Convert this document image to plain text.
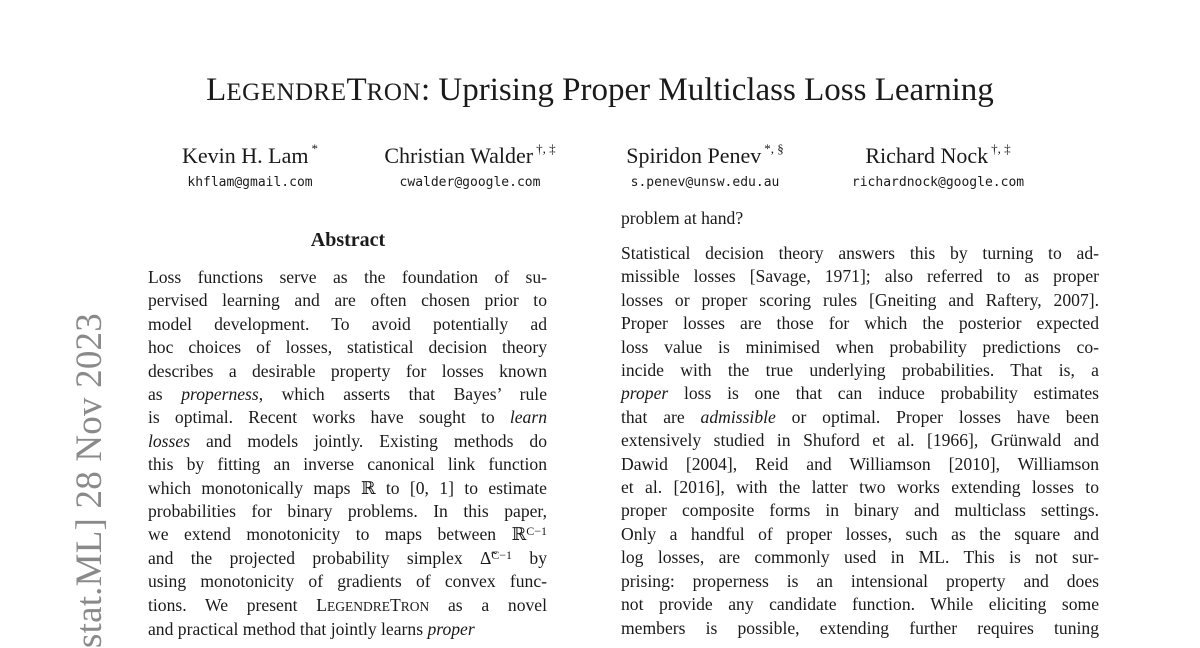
stat.ML] 28 Nov 2023
LEGENDRETRON: Uprising Proper Multiclass Loss Learning
Kevin H. Lam *
khflam@gmail.com
Christian Walder †, ‡
cwalder@google.com
Spiridon Penev *, §
s.penev@unsw.edu.au
Richard Nock †, ‡
richardnock@google.com
Abstract
Loss functions serve as the foundation of su-
pervised learning and are often chosen prior to
model development. To avoid potentially ad
hoc choices of losses, statistical decision theory
describes a desirable property for losses known
as properness, which asserts that Bayes’ rule
is optimal. Recent works have sought to learn
losses and models jointly. Existing methods do
this by fitting an inverse canonical link function
which monotonically maps ℝ to [0, 1] to estimate
probabilities for binary problems. In this paper,
we extend monotonicity to maps between ℝ$^{C-1}$
and the projected probability simplex Δ̃$^{C-1}$ by
using monotonicity of gradients of convex func-
tions. We present LEGENDRETRON as a novel
and practical method that jointly learns proper
problem at hand?
Statistical decision theory answers this by turning to ad-
missible losses [Savage, 1971]; also referred to as proper
losses or proper scoring rules [Gneiting and Raftery, 2007].
Proper losses are those for which the posterior expected
loss value is minimised when probability predictions co-
incide with the true underlying probabilities. That is, a
proper loss is one that can induce probability estimates
that are admissible or optimal. Proper losses have been
extensively studied in Shuford et al. [1966], Grünwald and
Dawid [2004], Reid and Williamson [2010], Williamson
et al. [2016], with the latter two works extending losses to
proper composite forms in binary and multiclass settings.
Only a handful of proper losses, such as the square and
log losses, are commonly used in ML. This is not sur-
prising: properness is an intensional property and does
not provide any candidate function. While eliciting some
members is possible, extending further requires tuning
